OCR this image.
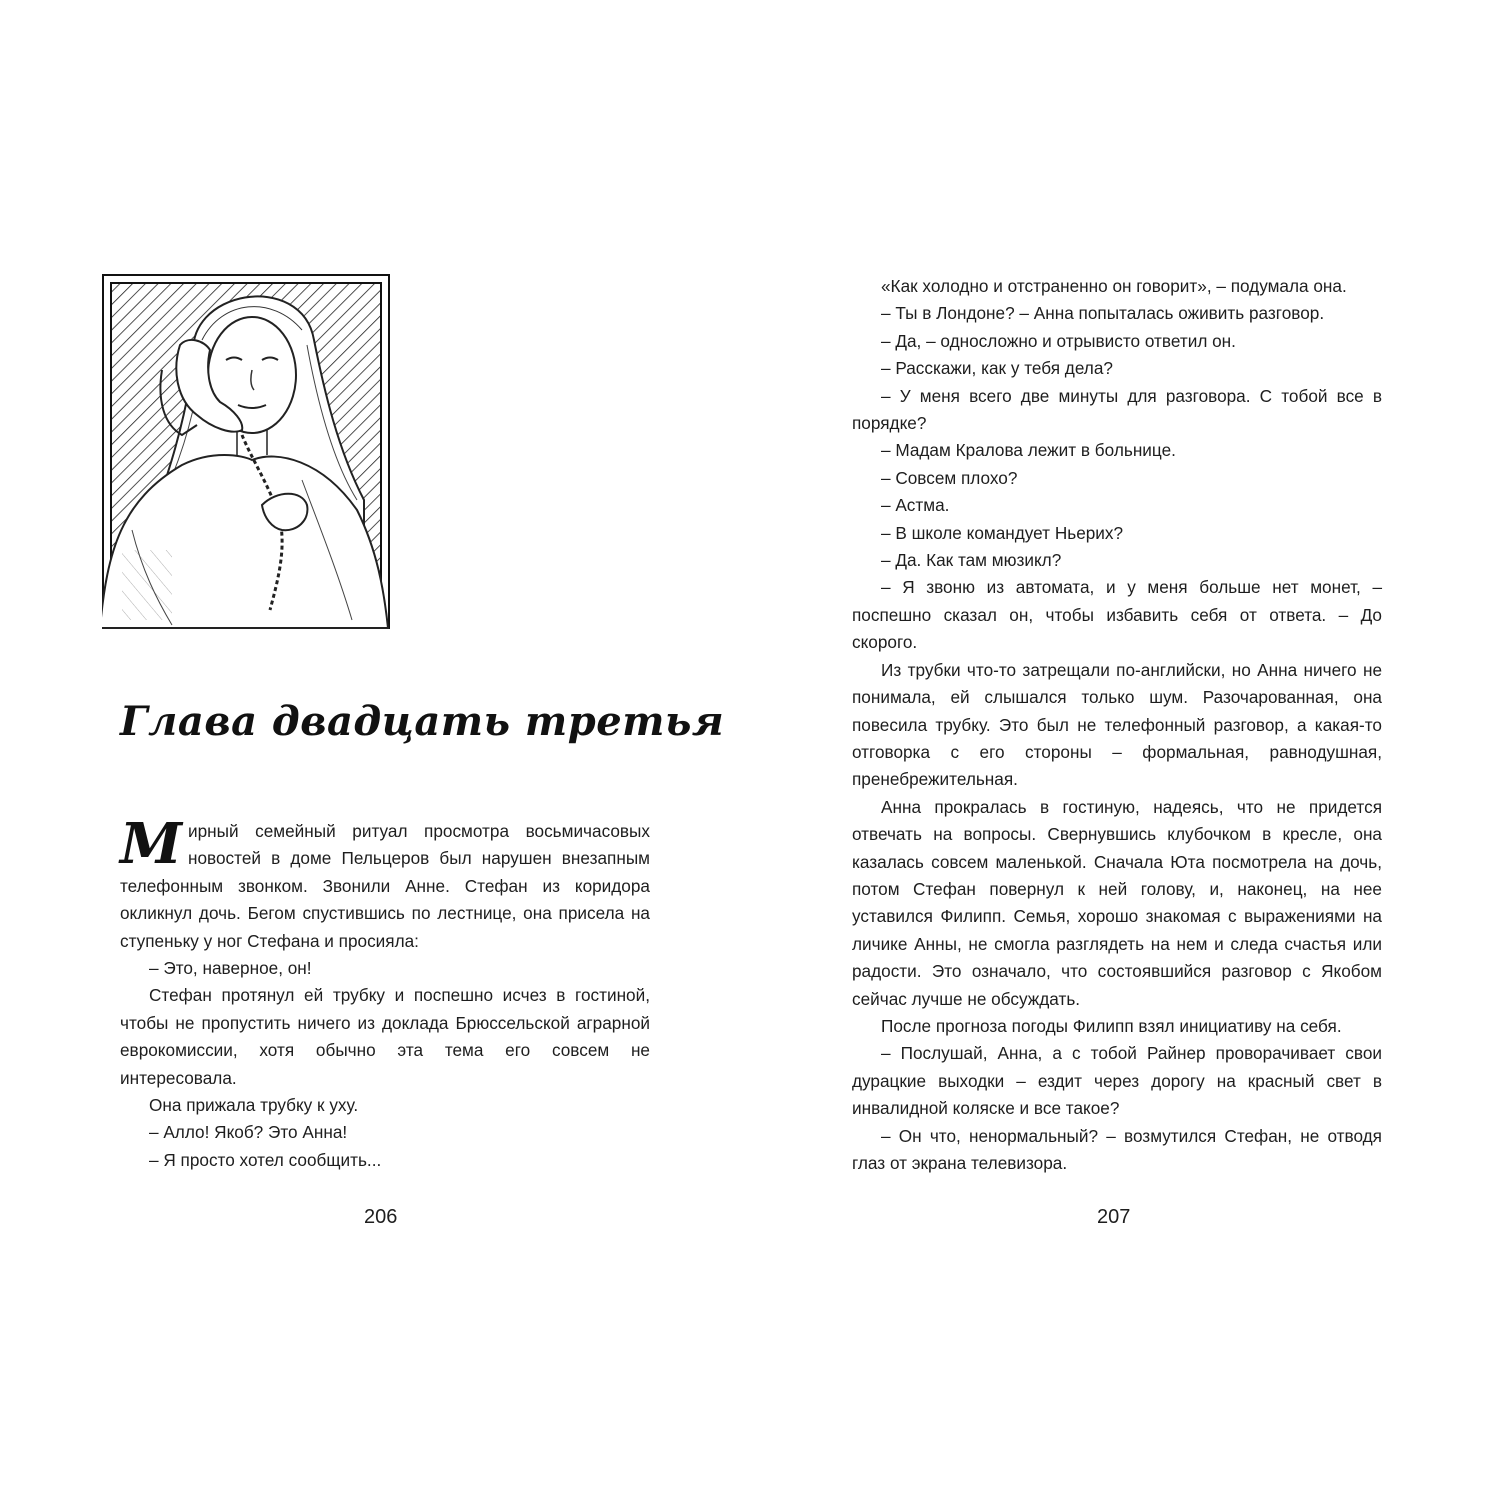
Глава двадцать третья

Мирный семейный ритуал просмотра восьмичасовых новостей в доме Пельцеров был нарушен внезапным телефонным звонком. Звонили Анне. Стефан из коридора окликнул дочь. Бегом спустившись по лестнице, она присела на ступеньку у ног Стефана и просияла:

– Это, наверное, он!

Стефан протянул ей трубку и поспешно исчез в гостиной, чтобы не пропустить ничего из доклада Брюссельской аграрной еврокомиссии, хотя обычно эта тема его совсем не интересовала.

Она прижала трубку к уху.

– Алло! Якоб? Это Анна!

– Я просто хотел сообщить...

206

«Как холодно и отстраненно он говорит», – подумала она.

– Ты в Лондоне? – Анна попыталась оживить разговор.

– Да, – односложно и отрывисто ответил он.

– Расскажи, как у тебя дела?

– У меня всего две минуты для разговора. С тобой все в порядке?

– Мадам Кралова лежит в больнице.

– Совсем плохо?

– Астма.

– В школе командует Ньерих?

– Да. Как там мюзикл?

– Я звоню из автомата, и у меня больше нет монет, – поспешно сказал он, чтобы избавить себя от ответа. – До скорого.

Из трубки что-то затрещали по-английски, но Анна ничего не понимала, ей слышался только шум. Разочарованная, она повесила трубку. Это был не телефонный разговор, а какая-то отговорка с его стороны – формальная, равнодушная, пренебрежительная.

Анна прокралась в гостиную, надеясь, что не придется отвечать на вопросы. Свернувшись клубочком в кресле, она казалась совсем маленькой. Сначала Юта посмотрела на дочь, потом Стефан повернул к ней голову, и, наконец, на нее уставился Филипп. Семья, хорошо знакомая с выражениями на личике Анны, не смогла разглядеть на нем и следа счастья или радости. Это означало, что состоявшийся разговор с Якобом сейчас лучше не обсуждать.

После прогноза погоды Филипп взял инициативу на себя.

– Послушай, Анна, а с тобой Райнер проворачивает свои дурацкие выходки – ездит через дорогу на красный свет в инвалидной коляске и все такое?

– Он что, ненормальный? – возмутился Стефан, не отводя глаз от экрана телевизора.

207
